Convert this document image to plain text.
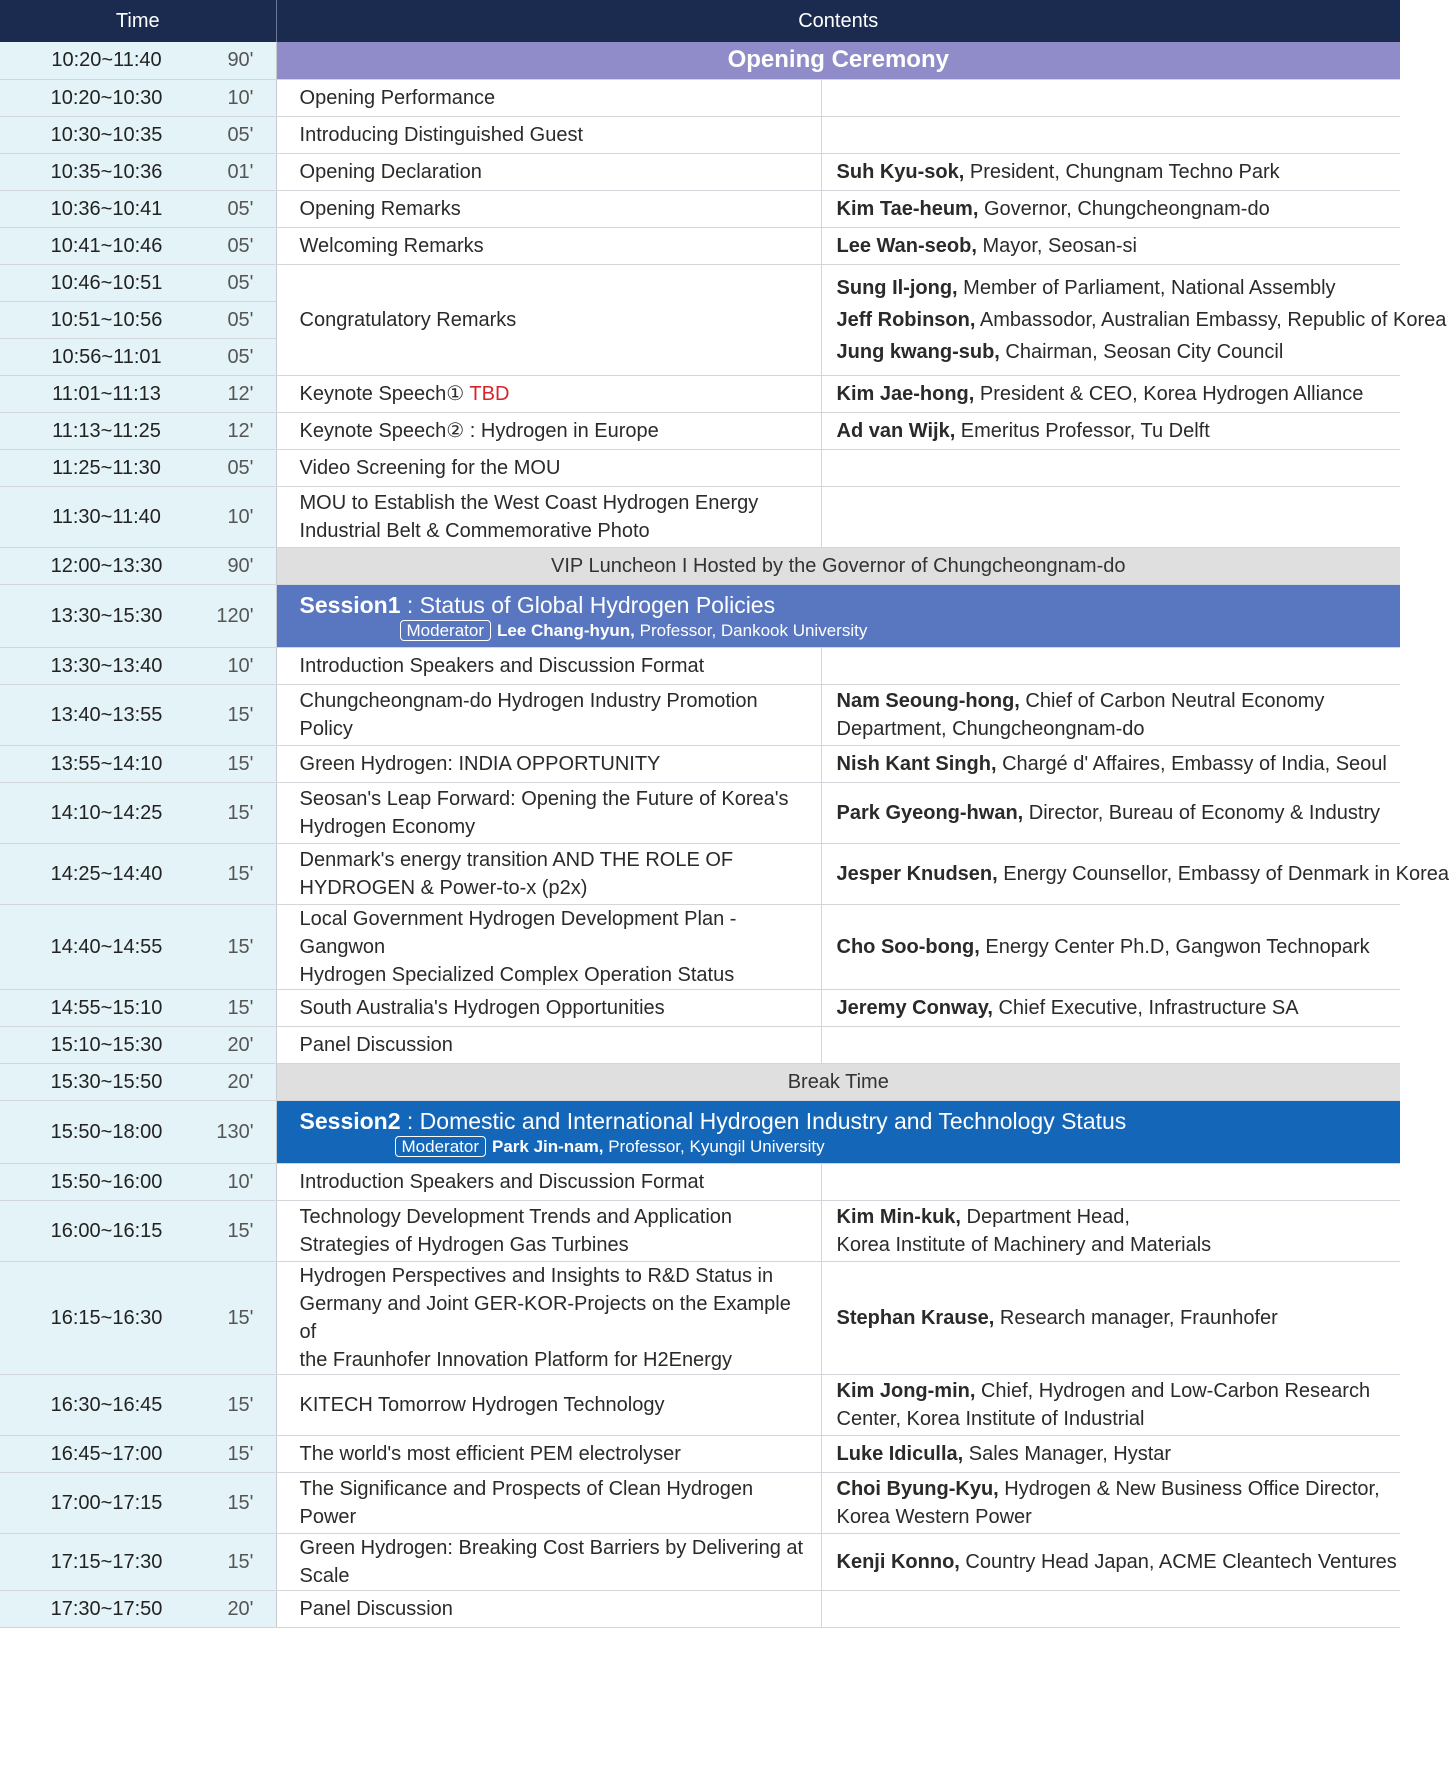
Time		Contents	
10:20~11:40	90'	Opening Ceremony	
10:20~10:30	10'	Opening Performance	
10:30~10:35	05'	Introducing Distinguished Guest	
10:35~10:36	01'	Opening Declaration	Suh Kyu-sok, President, Chungnam Techno Park
10:36~10:41	05'	Opening Remarks	Kim Tae-heum, Governor, Chungcheongnam-do
10:41~10:46	05'	Welcoming Remarks	Lee Wan-seob, Mayor, Seosan-si
10:46~10:51	05'	Congratulatory Remarks	Sung Il-jong, Member of Parliament, National Assembly
Jeff Robinson, Ambassodor, Australian Embassy, Republic of Korea
Jung kwang-sub, Chairman, Seosan City Council

10:51~10:56	05'		
10:56~11:01	05'		
11:01~11:13	12'	Keynote Speech① TBD	Kim Jae-hong, President & CEO, Korea Hydrogen Alliance
11:13~11:25	12'	Keynote Speech② : Hydrogen in Europe	Ad van Wijk, Emeritus Professor, Tu Delft
11:25~11:30	05'	Video Screening for the MOU	
11:30~11:40	10'	MOU to Establish the West Coast Hydrogen Energy
Industrial Belt & Commemorative Photo	

12:00~13:30	90'	VIP Luncheon I Hosted by the Governor of Chungcheongnam-do	
13:30~15:30	120'	Session1 : Status of Global Hydrogen Policies
Moderator Lee Chang-hyun, Professor, Dankook University	

13:30~13:40	10'	Introduction Speakers and Discussion Format	
13:40~13:55	15'	Chungcheongnam-do Hydrogen Industry Promotion Policy	Nam Seoung-hong, Chief of Carbon Neutral Economy
Department, Chungcheongnam-do

13:55~14:10	15'	Green Hydrogen: INDIA OPPORTUNITY	Nish Kant Singh, Chargé d' Affaires, Embassy of India, Seoul
14:10~14:25	15'	Seosan's Leap Forward: Opening the Future of Korea's
Hydrogen Economy	Park Gyeong-hwan, Director, Bureau of Economy & Industry
14:25~14:40	15'	Denmark's energy transition AND THE ROLE OF
HYDROGEN & Power-to-x (p2x)	Jesper Knudsen, Energy Counsellor, Embassy of Denmark in Korea
14:40~14:55	15'	Local Government Hydrogen Development Plan - Gangwon
Hydrogen Specialized Complex Operation Status	Cho Soo-bong, Energy Center Ph.D, Gangwon Technopark
14:55~15:10	15'	South Australia's Hydrogen Opportunities	Jeremy Conway, Chief Executive, Infrastructure SA
15:10~15:30	20'	Panel Discussion	
15:30~15:50	20'	Break Time	
15:50~18:00	130'	Session2 : Domestic and International Hydrogen Industry and Technology Status
Moderator Park Jin-nam, Professor, Kyungil University	

15:50~16:00	10'	Introduction Speakers and Discussion Format	
16:00~16:15	15'	Technology Development Trends and Application
Strategies of Hydrogen Gas Turbines	Kim Min-kuk, Department Head,
Korea Institute of Machinery and Materials

16:15~16:30	15'	Hydrogen Perspectives and Insights to R&D Status in
Germany and Joint GER-KOR-Projects on the Example of
the Fraunhofer Innovation Platform for H2Energy	Stephan Krause, Research manager, Fraunhofer
16:30~16:45	15'	KITECH Tomorrow Hydrogen Technology	Kim Jong-min, Chief, Hydrogen and Low-Carbon Research
Center, Korea Institute of Industrial

16:45~17:00	15'	The world's most efficient PEM electrolyser	Luke Idiculla, Sales Manager, Hystar
17:00~17:15	15'	The Significance and Prospects of Clean Hydrogen Power	Choi Byung-Kyu, Hydrogen & New Business Office Director,
Korea Western Power

17:15~17:30	15'	Green Hydrogen: Breaking Cost Barriers by Delivering at Scale	Kenji Konno, Country Head Japan, ACME Cleantech Ventures
17:30~17:50	20'	Panel Discussion	
